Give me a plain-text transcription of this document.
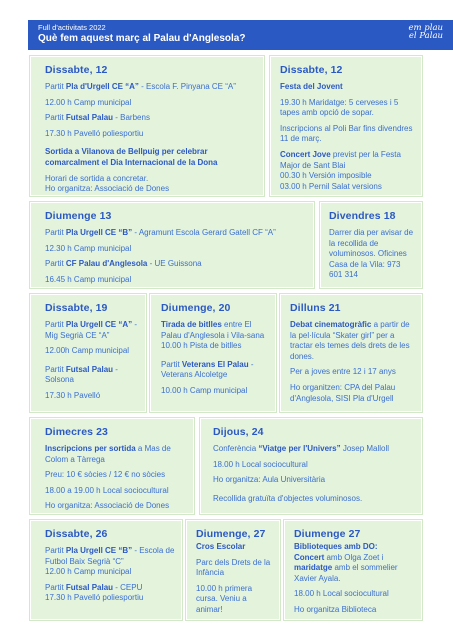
Full d'activitats 2022
Què fem aquest març al Palau d'Anglesola?
em plau
el Palau
Dissabte, 12
Partit Pla d'Urgell CE “A” - Escola F. Pinyana CE “A”
12.00 h Camp municipal
Partit Futsal Palau - Barbens
17.30 h Pavelló poliesportiu
Sortida a Vilanova de Bellpuig per celebrar comarcalment el Dia Internacional de la Dona
Horari de sortida a concretar.
Ho organitza: Associació de Dones
Dissabte, 12
Festa del Jovent
19.30 h Maridatge: 5 cerveses i 5 tapes amb opció de sopar.
Inscripcions al Poli Bar fins divendres 11 de març.
Concert Jove previst per la Festa Major de Sant Blai
00.30 h Versión imposible
03.00 h Pernil Salat versions
Diumenge 13
Partit Pla Urgell CE “B” - Agramunt Escola Gerard Gatell CF “A”
12.30 h Camp municipal
Partit CF Palau d'Anglesola - UE Guissona
16.45 h Camp municipal
Divendres 18
Darrer dia per avisar de la recollida de voluminosos. Oficines Casa de la Vila: 973 601 314
Dissabte, 19
Partit Pla Urgell CE “A” - Mig Segrià CE “A”
12.00h Camp municipal
Partit Futsal Palau - Solsona
17.30 h Pavelló
Diumenge, 20
Tirada de bitlles entre El Palau d'Anglesola i Vila-sana
10.00 h Pista de bitlles
Partit Veterans El Palau - Veterans Alcoletge
10.00 h Camp municipal
Dilluns 21
Debat cinematogràfic a partir de la pel·lícula “Skater girl” per a tractar els temes dels drets de les dones.
Per a joves entre 12 i 17 anys
Ho organitzen: CPA del Palau d'Anglesola, SISI Pla d'Urgell
Dimecres 23
Inscripcions per sortida a Mas de Colom a Tàrrega
Preu: 10 € sòcies / 12 € no sòcies
18.00 a 19.00 h Local sociocultural
Ho organitza: Associació de Dones
Dijous, 24
Conferència “Viatge per l'Univers” Josep Malloll
18.00 h Local sociocultural
Ho organitza: Aula Universitària
Recollida gratuïta d'objectes voluminosos.
Dissabte, 26
Partit Pla Urgell CE “B” - Escola de Futbol Baix Segrià “C”
12.00 h Camp municipal
Partit Futsal Palau - CEPU
17.30 h Pavelló poliesportiu
Diumenge, 27
Cros Escolar
Parc dels Drets de la Infància
10.00 h primera cursa. Veniu a animar!
Diumenge 27
Biblioteques amb DO:
Concert amb Olga Zoet i maridatge amb el sommelier Xavier Ayala.
18.00 h Local sociocultural
Ho organitza Biblioteca
